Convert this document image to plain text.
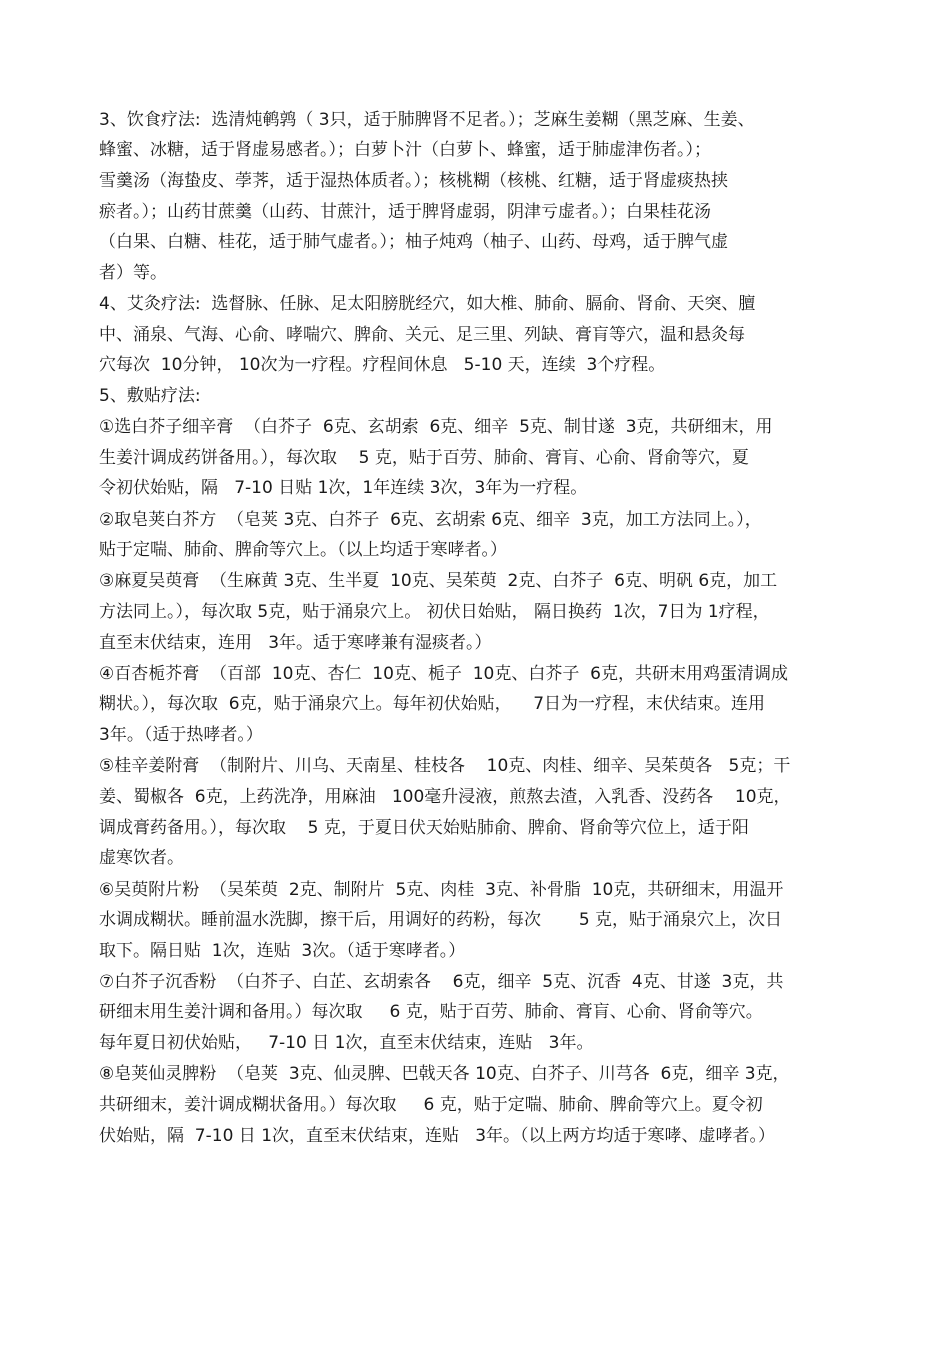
3、饮食疗法:  选清炖鹌鹑（ 3只，适于肺脾肾不足者。）；芝麻生姜糊（黑芝麻、生姜、
蜂蜜、冰糖，适于肾虚易感者。）；白萝卜汁（白萝卜、蜂蜜，适于肺虚津伤者。）；
雪羹汤（海蛰皮、荸荠，适于湿热体质者。）；核桃糊（核桃、红糖，适于肾虚痰热挟
瘀者。）；山药甘蔗羹（山药、甘蔗汁，适于脾肾虚弱，阴津亏虚者。）；白果桂花汤
（白果、白糖、桂花，适于肺气虚者。）；柚子炖鸡（柚子、山药、母鸡，适于脾气虚
者）等。
4、艾灸疗法:  选督脉、任脉、足太阳膀胱经穴，如大椎、肺俞、膈俞、肾俞、天突、膻
中、涌泉、气海、心俞、哮喘穴、脾俞、关元、足三里、列缺、膏肓等穴，温和悬灸每
穴每次  10分钟， 10次为一疗程。疗程间休息   5-10 天，连续  3个疗程。
5、敷贴疗法:
①选白芥子细辛膏  （白芥子  6克、玄胡索  6克、细辛  5克、制甘遂  3克，共研细末，用
生姜汁调成药饼备用。），每次取    5 克，贴于百劳、肺俞、膏肓、心俞、肾俞等穴，夏
令初伏始贴，隔   7-10 日贴 1次，1年连续 3次，3年为一疗程。
②取皂荚白芥方  （皂荚 3克、白芥子  6克、玄胡索 6克、细辛  3克，加工方法同上。），
贴于定喘、肺俞、脾俞等穴上。（以上均适于寒哮者。）
③麻夏吴萸膏  （生麻黄 3克、生半夏  10克、吴茱萸  2克、白芥子  6克、明矾 6克，加工
方法同上。），每次取 5克，贴于涌泉穴上。 初伏日始贴， 隔日换药  1次，7日为 1疗程，
直至末伏结束，连用   3年。适于寒哮兼有湿痰者。）
④百杏栀芥膏  （百部  10克、杏仁  10克、栀子  10克、白芥子  6克，共研末用鸡蛋清调成
糊状。），每次取  6克，贴于涌泉穴上。每年初伏始贴，    7日为一疗程，末伏结束。连用
3年。（适于热哮者。）
⑤桂辛姜附膏  （制附片、川乌、天南星、桂枝各    10克、肉桂、细辛、吴茱萸各   5克；干
姜、蜀椒各  6克，上药洗净，用麻油   100毫升浸液，煎熬去渣，入乳香、没药各    10克，
调成膏药备用。），每次取    5 克，于夏日伏天始贴肺俞、脾俞、肾俞等穴位上，适于阳
虚寒饮者。
⑥吴萸附片粉  （吴茱萸  2克、制附片  5克、肉桂  3克、补骨脂  10克，共研细末，用温开
水调成糊状。睡前温水洗脚，擦干后，用调好的药粉，每次       5 克，贴于涌泉穴上，次日
取下。隔日贴  1次，连贴  3次。（适于寒哮者。）
⑦白芥子沉香粉  （白芥子、白芷、玄胡索各    6克，细辛  5克、沉香  4克、甘遂  3克，共
研细末用生姜汁调和备用。）每次取     6 克，贴于百劳、肺俞、膏肓、心俞、肾俞等穴。
每年夏日初伏始贴，   7-10 日 1次，直至末伏结束，连贴   3年。
⑧皂荚仙灵脾粉  （皂荚  3克、仙灵脾、巴戟天各 10克、白芥子、川芎各  6克，细辛 3克，
共研细末，姜汁调成糊状备用。）每次取     6 克，贴于定喘、肺俞、脾俞等穴上。夏令初
伏始贴，隔  7-10 日 1次，直至末伏结束，连贴   3年。（以上两方均适于寒哮、虚哮者。）
